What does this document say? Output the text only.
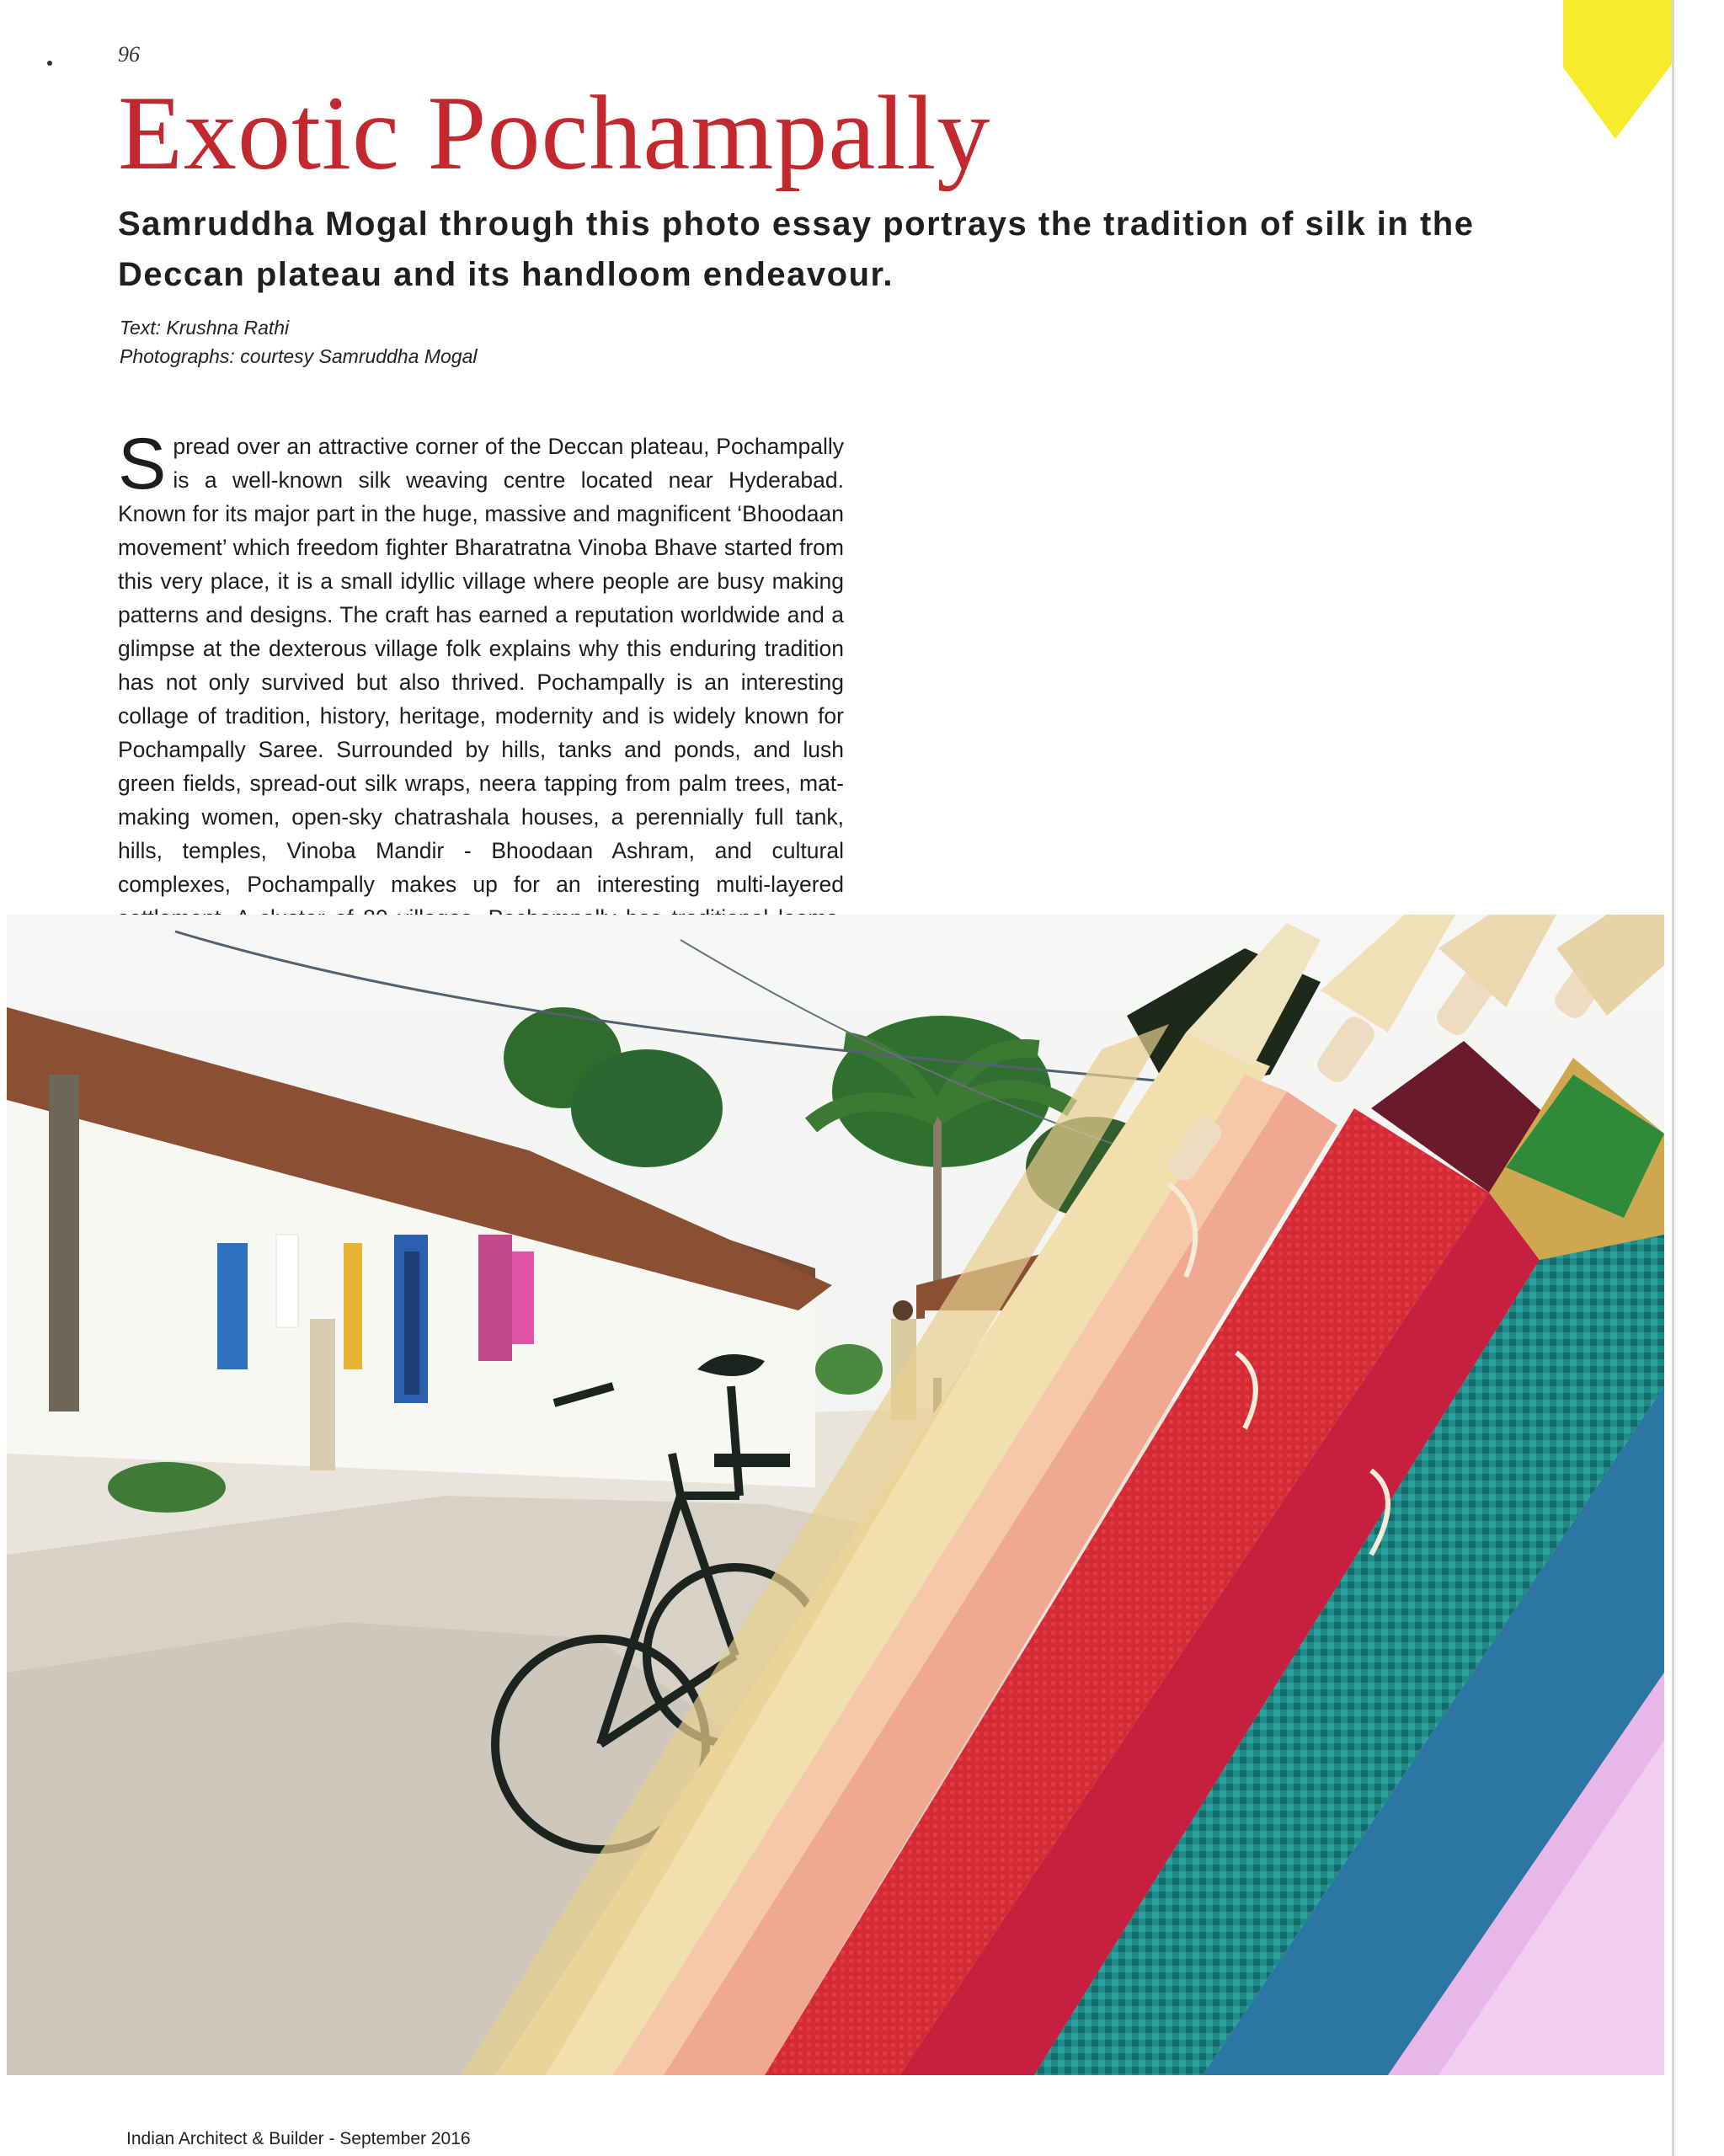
96
Exotic Pochampally

Samruddha Mogal through this photo essay portrays the tradition of silk in the Deccan plateau and its handloom endeavour.

Text: Krushna Rathi
Photographs: courtesy Samruddha Mogal

Spread over an attractive corner of the Deccan plateau, Pochampally is a well-known silk weaving centre located near Hyderabad. Known for its major part in the huge, massive and magnificent ‘Bhoodaan movement’ which freedom fighter Bharatratna Vinoba Bhave started from this very place, it is a small idyllic village where people are busy making patterns and designs. The craft has earned a reputation worldwide and a glimpse at the dexterous village folk explains why this enduring tradition has not only survived but also thrived. Pochampally is an interesting collage of tradition, history, heritage, modernity and is widely known for Pochampally Saree. Surrounded by hills, tanks and ponds, and lush green fields, spread-out silk wraps, neera tapping from palm trees, mat-making women, open-sky chatrashala houses, a perennially full tank, hills, temples, Vinoba Mandir - Bhoodaan Ashram, and cultural complexes, Pochampally makes up for an interesting multi-layered

Indian Architect & Builder - September 2016
